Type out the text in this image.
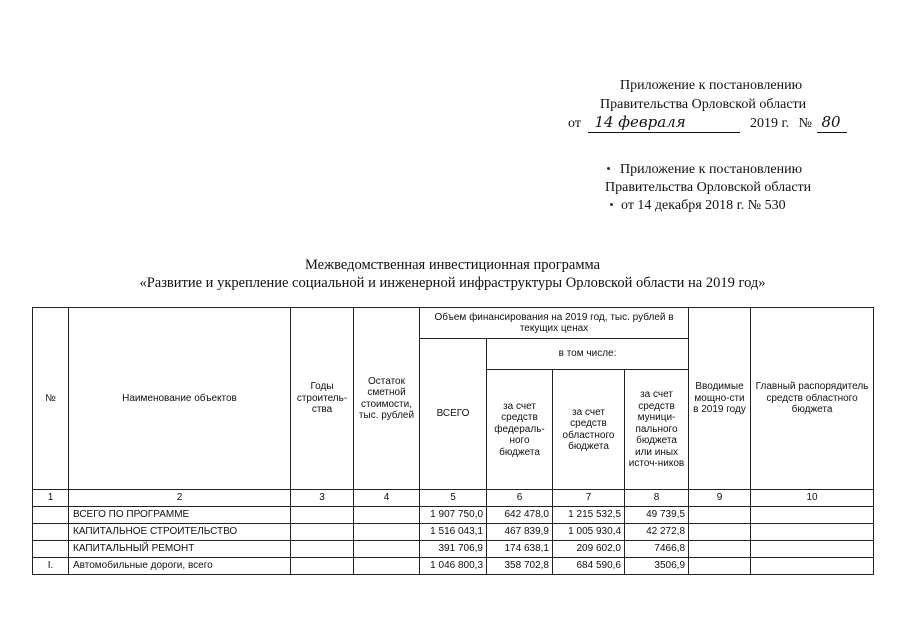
Приложение к постановлению
Правительства Орловской области
от 14 февраля	2019 г. № 80
Приложение к постановлению
Правительства Орловской области
от 14 декабря 2018 г. № 530
Межведомственная инвестиционная программа
«Развитие и укрепление социальной и инженерной инфраструктуры Орловской области на 2019 год»
№	Наименование объектов	Годы строитель-ства	Остаток сметной стоимости, тыс. рублей	Объем финансирования на 2019 год, тыс. рублей в текущих ценах				Вводимые мощно-сти в 2019 году	Главный распорядитель средств областного бюджета
				ВСЕГО	в том числе:				
					за счет средств федераль-ного бюджета	за счет средств областного бюджета	за счет средств муници-пального бюджета или иных источ-ников		
1	2	3	4	5	6	7	8	9	10
	ВСЕГО ПО ПРОГРАММЕ			1 907 750,0	642 478,0	1 215 532,5	49 739,5		
	КАПИТАЛЬНОЕ СТРОИТЕЛЬСТВО			1 516 043,1	467 839,9	1 005 930,4	42 272,8		
	КАПИТАЛЬНЫЙ РЕМОНТ			391 706,9	174 638,1	209 602,0	7466,8		
I.	Автомобильные дороги, всего			1 046 800,3	358 702,8	684 590,6	3506,9		
